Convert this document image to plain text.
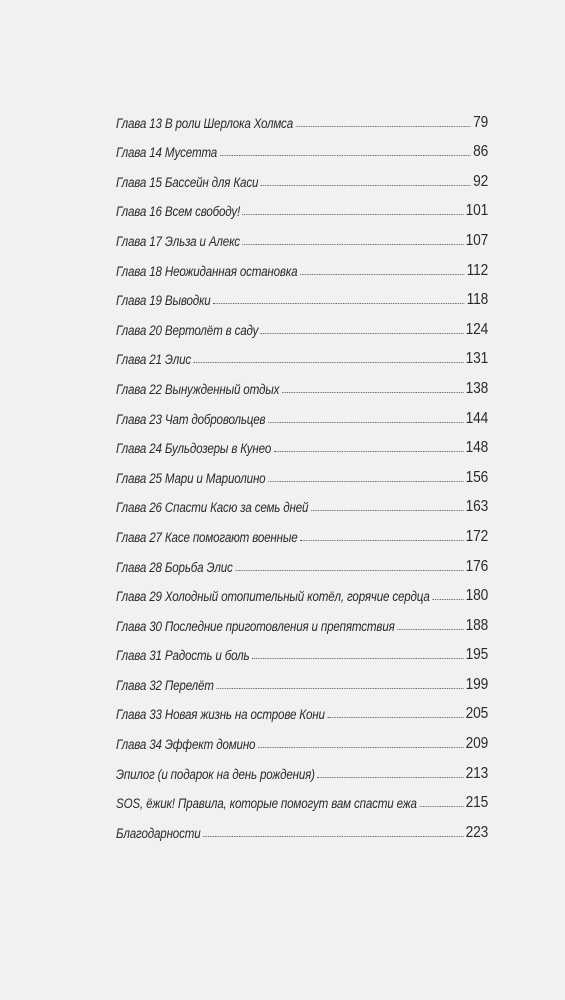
Глава 13 В роли Шерлока Холмса	79
Глава 14 Мусетта	86
Глава 15 Бассейн для Каси	92
Глава 16 Всем свободу!	101
Глава 17 Эльза и Алекс	107
Глава 18 Неожиданная остановка	112
Глава 19 Выводки	118
Глава 20 Вертолёт в саду	124
Глава 21 Элис	131
Глава 22 Вынужденный отдых	138
Глава 23 Чат добровольцев	144
Глава 24 Бульдозеры в Кунео	148
Глава 25 Мари и Мариолино	156
Глава 26 Спасти Касю за семь дней	163
Глава 27 Касе помогают военные	172
Глава 28 Борьба Элис	176
Глава 29 Холодный отопительный котёл, горячие сердца 180
Глава 30 Последние приготовления и препятствия	188
Глава 31 Радость и боль	195
Глава 32 Перелёт	199
Глава 33 Новая жизнь на острове Кони	205
Глава 34 Эффект домино	209
Эпилог (и подарок на день рождения)	213
SOS, ёжик! Правила, которые помогут вам спасти ежа	215
Благодарности	223
